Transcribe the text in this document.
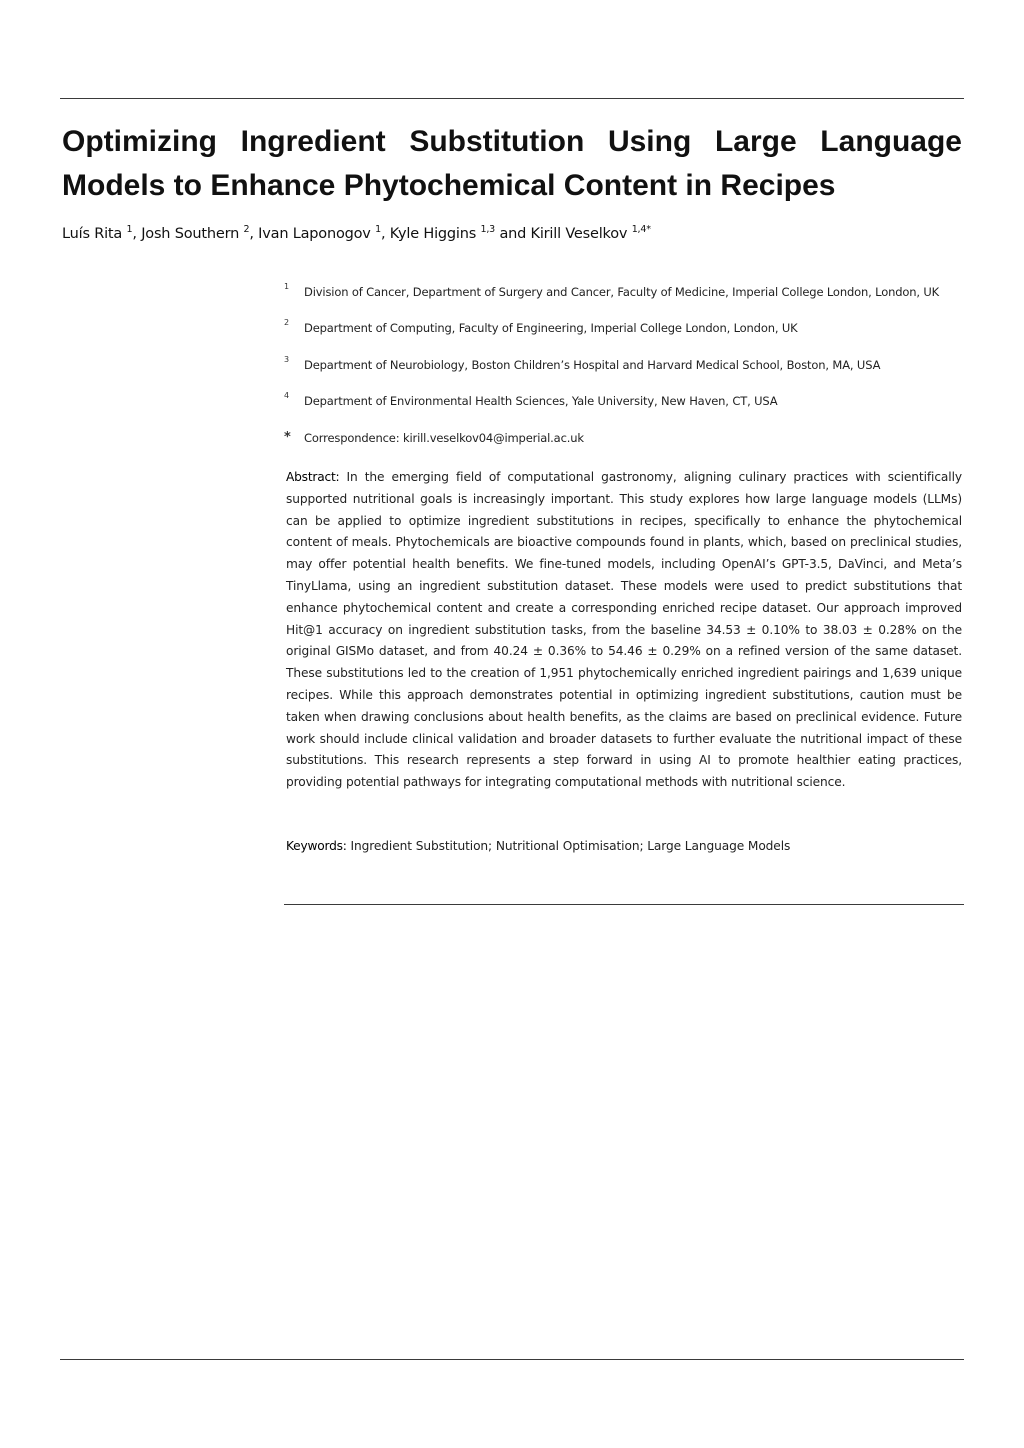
Optimizing Ingredient Substitution Using Large Language
Models to Enhance Phytochemical Content in Recipes
Luís Rita $^1$, Josh Southern $^2$, Ivan Laponogov $^1$, Kyle Higgins $^{1,3}$ and Kirill Veselkov $^{1,4*}$
1 Division of Cancer, Department of Surgery and Cancer, Faculty of Medicine, Imperial College London, London, UK
2 Department of Computing, Faculty of Engineering, Imperial College London, London, UK
3 Department of Neurobiology, Boston Children’s Hospital and Harvard Medical School, Boston, MA, USA
4 Department of Environmental Health Sciences, Yale University, New Haven, CT, USA
* Correspondence: kirill.veselkov04@imperial.ac.uk

Abstract: In the emerging field of computational gastronomy, aligning culinary practices with scientifically supported nutritional goals is increasingly important. This study explores how large language models (LLMs) can be applied to optimize ingredient substitutions in recipes, specifically to enhance the phytochemical content of meals. Phytochemicals are bioactive compounds found in plants, which, based on preclinical studies, may offer potential health benefits. We fine-tuned models, including OpenAI’s GPT-3.5, DaVinci, and Meta’s TinyLlama, using an ingredient substitution dataset. These models were used to predict substitutions that enhance phytochemical content and create a corresponding enriched recipe dataset. Our approach improved Hit@1 accuracy on ingredient substitution tasks, from the baseline 34.53 ± 0.10% to 38.03 ± 0.28% on the original GISMo dataset, and from 40.24 ± 0.36% to 54.46 ± 0.29% on a refined version of the same dataset. These substitutions led to the creation of 1,951 phytochemically enriched ingredient pairings and 1,639 unique recipes. While this approach demonstrates potential in optimizing ingredient substitutions, caution must be taken when drawing conclusions about health benefits, as the claims are based on preclinical evidence. Future work should include clinical validation and broader datasets to further evaluate the nutritional impact of these substitutions. This research represents a step forward in using AI to promote healthier eating practices, providing potential pathways for integrating computational methods with nutritional science.

Keywords: Ingredient Substitution; Nutritional Optimisation; Large Language Models
